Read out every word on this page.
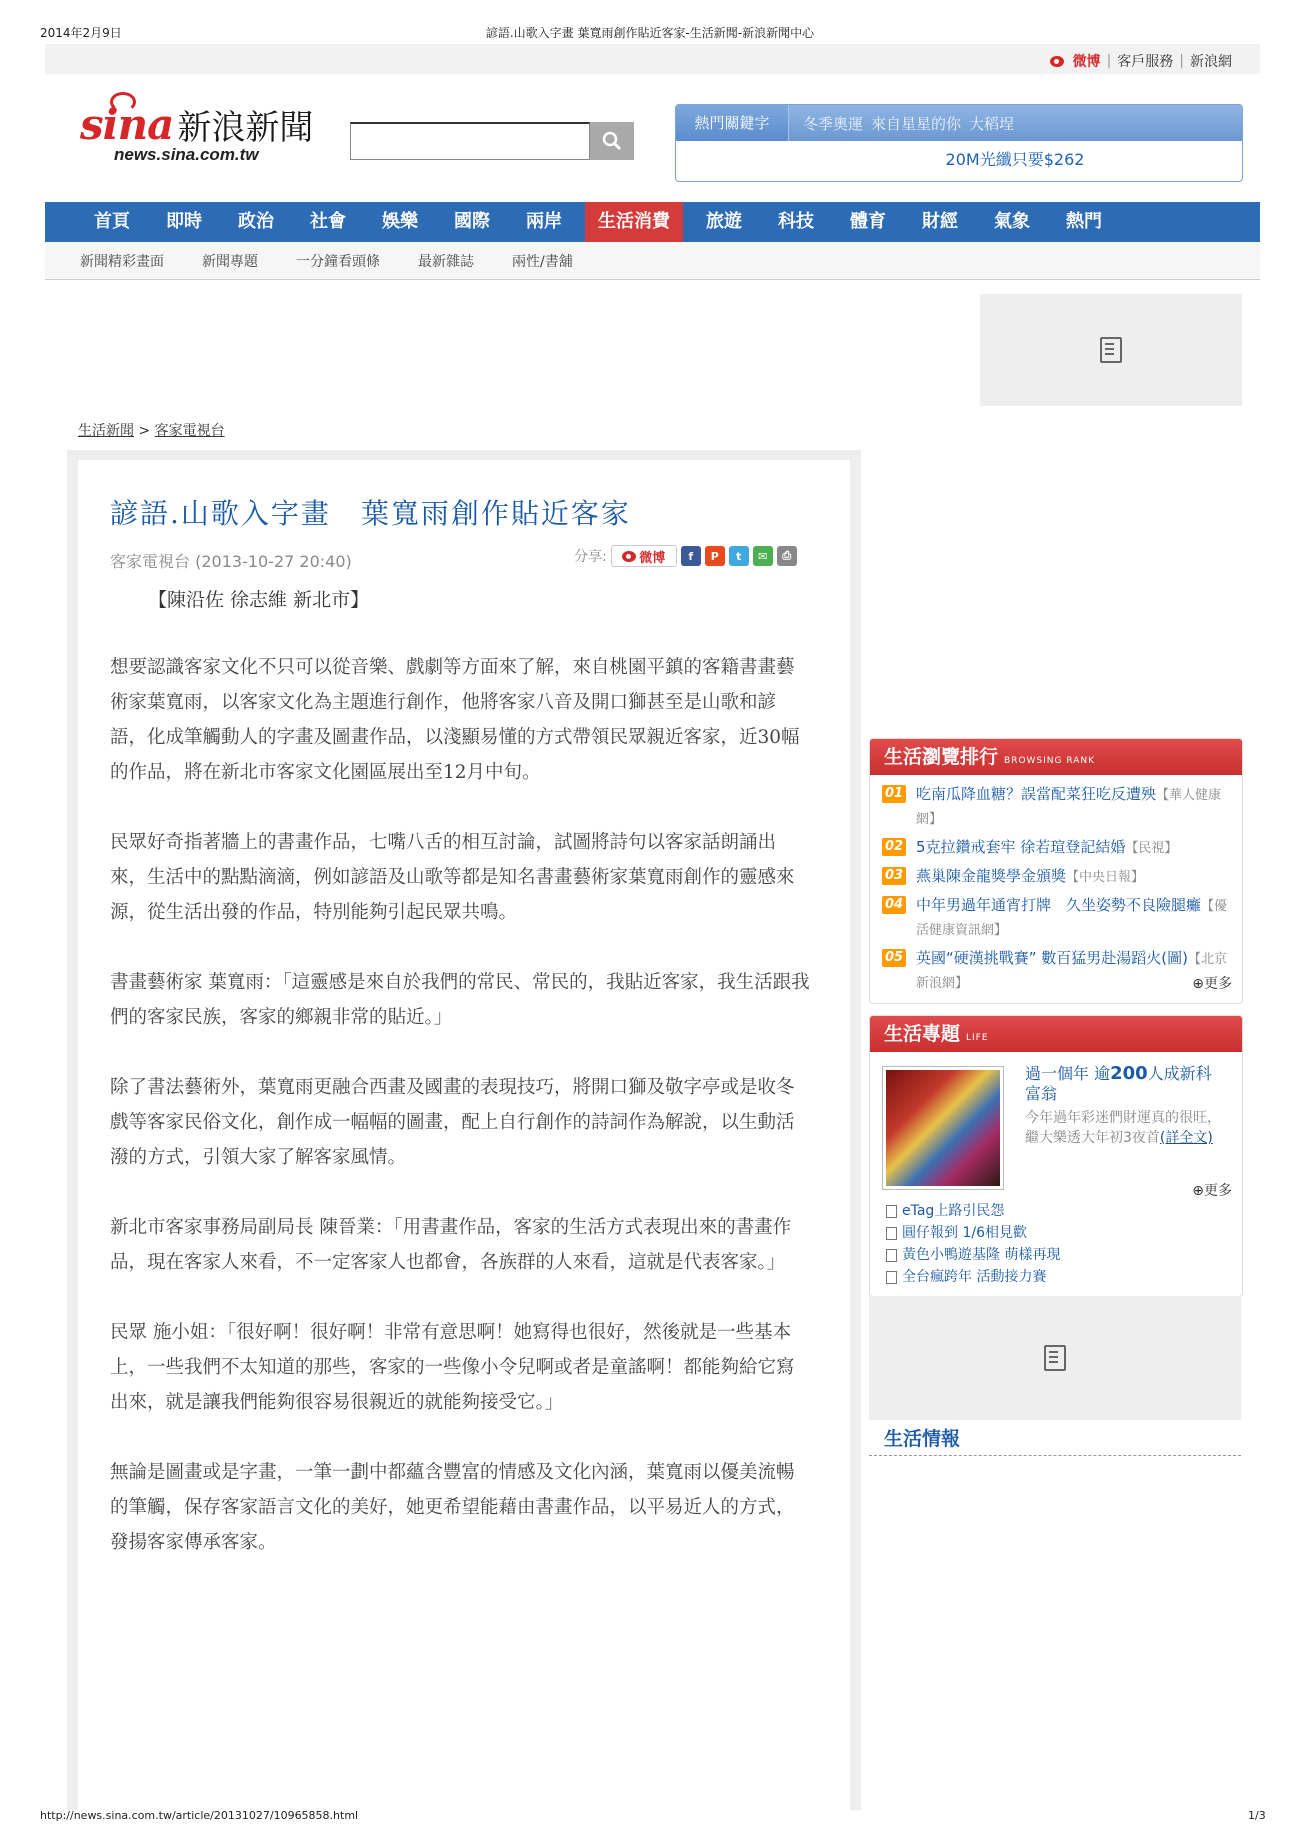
2014年2月9日	諺語.山歌入字畫 葉寬雨創作貼近客家-生活新聞-新浪新聞中心
微博 | 客戶服務 | 新浪網
sina 新浪新聞
news.sina.com.tw
熱門關鍵字	冬季奧運 來自星星的你 大稻埕
20M光纖只要$262
首頁	即時	政治	社會	娛樂	國際	兩岸	生活消費	旅遊	科技	體育	財經	氣象	熱門
新聞精彩畫面	新聞專題	一分鐘看頭條	最新雜誌	兩性/書舖
生活新聞 > 客家電視台
諺語.山歌入字畫　葉寬雨創作貼近客家
客家電視台 (2013-10-27 20:40)	分享: 微博	f	P	t	✉	⎙
【陳沿佐 徐志維 新北市】

想要認識客家文化不只可以從音樂、戲劇等方面來了解，來自桃園平鎮的客籍書畫藝術家葉寬雨，以客家文化為主題進行創作，他將客家八音及開口獅甚至是山歌和諺語，化成筆觸動人的字畫及圖畫作品，以淺顯易懂的方式帶領民眾親近客家，近30幅的作品，將在新北市客家文化園區展出至12月中旬。

民眾好奇指著牆上的書畫作品，七嘴八舌的相互討論，試圖將詩句以客家話朗誦出來，生活中的點點滴滴，例如諺語及山歌等都是知名書畫藝術家葉寬雨創作的靈感來源，從生活出發的作品，特別能夠引起民眾共鳴。

書畫藝術家 葉寬雨：「這靈感是來自於我們的常民、常民的，我貼近客家，我生活跟我們的客家民族，客家的鄉親非常的貼近。」

除了書法藝術外，葉寬雨更融合西畫及國畫的表現技巧，將開口獅及敬字亭或是收冬戲等客家民俗文化，創作成一幅幅的圖畫，配上自行創作的詩詞作為解說，以生動活潑的方式，引領大家了解客家風情。

新北市客家事務局副局長 陳晉業：「用書畫作品，客家的生活方式表現出來的書畫作品，現在客家人來看，不一定客家人也都會，各族群的人來看，這就是代表客家。」

民眾 施小姐：「很好啊！很好啊！非常有意思啊！她寫得也很好，然後就是一些基本上，一些我們不太知道的那些，客家的一些像小令兒啊或者是童謠啊！都能夠給它寫出來，就是讓我們能夠很容易很親近的就能夠接受它。」

無論是圖畫或是字畫，一筆一劃中都蘊含豐富的情感及文化內涵，葉寬雨以優美流暢的筆觸，保存客家語言文化的美好，她更希望能藉由書畫作品，以平易近人的方式，發揚客家傳承客家。

生活瀏覽排行 BROWSING RANK
01 吃南瓜降血糖？誤當配菜狂吃反遭殃【華人健康網】
02 5克拉鑽戒套牢 徐若瑄登記結婚【民視】
03 燕巢陳金龍獎學金頒獎【中央日報】
04 中年男過年通宵打牌　久坐姿勢不良險腿癱【優活健康資訊網】
05 英國“硬漢挑戰賽” 數百猛男赴湯蹈火(圖)【北京新浪網】	⊕更多
生活專題 LIFE
過一個年 逾200人成新科富翁
今年過年彩迷們財運真的很旺，繼大樂透大年初3夜首(詳全文)
⊕更多
eTag上路引民怨
圓仔報到 1/6相見歡
黃色小鴨遊基隆 萌樣再現
全台瘋跨年 活動接力賽
生活情報
http://news.sina.com.tw/article/20131027/10965858.html	1/3
